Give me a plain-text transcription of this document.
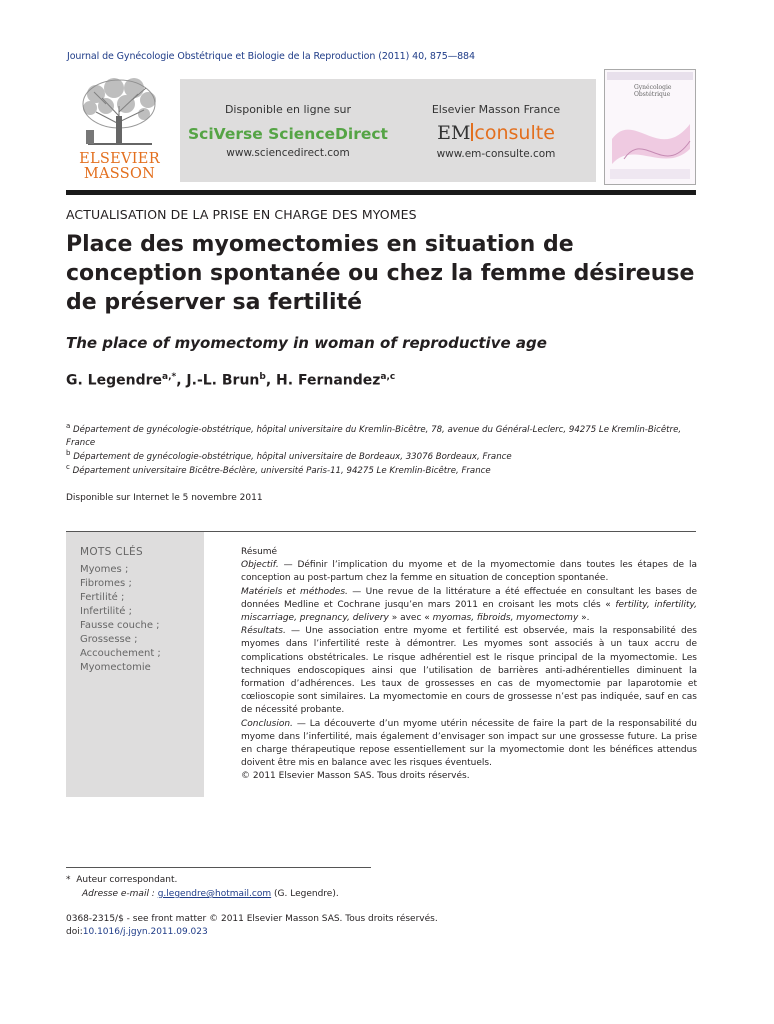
Journal de Gynécologie Obstétrique et Biologie de la Reproduction (2011) 40, 875—884
ELSEVIER
MASSON
Disponible en ligne sur
SciVerse ScienceDirect
www.sciencedirect.com
Elsevier Masson France
EM consulte
www.em-consulte.com
Gynécologie
Obstétrique
ACTUALISATION DE LA PRISE EN CHARGE DES MYOMES
Place des myomectomies en situation de conception spontanée ou chez la femme désireuse de préserver sa fertilité
The place of myomectomy in woman of reproductive age
G. Legendre$^{a,*}$, J.-L. Brun$^b$, H. Fernandez$^{a,c}$
$^a$ Département de gynécologie-obstétrique, hôpital universitaire du Kremlin-Bicêtre, 78, avenue du Général-Leclerc, 94275 Le Kremlin-Bicêtre, France
$^b$ Département de gynécologie-obstétrique, hôpital universitaire de Bordeaux, 33076 Bordeaux, France
$^c$ Département universitaire Bicêtre-Béclère, université Paris-11, 94275 Le Kremlin-Bicêtre, France
Disponible sur Internet le 5 novembre 2011
MOTS CLÉS
Myomes ;
Fibromes ;
Fertilité ;
Infertilité ;
Fausse couche ;
Grossesse ;
Accouchement ;
Myomectomie

Résumé

Objectif. — Définir l’implication du myome et de la myomectomie dans toutes les étapes de la conception au post-partum chez la femme en situation de conception spontanée.

Matériels et méthodes. — Une revue de la littérature a été effectuée en consultant les bases de données Medline et Cochrane jusqu’en mars 2011 en croisant les mots clés « fertility, infertility, miscarriage, pregnancy, delivery » avec « myomas, fibroids, myomectomy ».

Résultats. — Une association entre myome et fertilité est observée, mais la responsabilité des myomes dans l’infertilité reste à démontrer. Les myomes sont associés à un taux accru de complications obstétricales. Le risque adhérentiel est le risque principal de la myomectomie. Les techniques endoscopiques ainsi que l’utilisation de barrières anti-adhérentielles diminuent la formation d’adhérences. Les taux de grossesses en cas de myomectomie par laparotomie et cœlioscopie sont similaires. La myomectomie en cours de grossesse n’est pas indiquée, sauf en cas de nécessité probante.

Conclusion. — La découverte d’un myome utérin nécessite de faire la part de la responsabilité du myome dans l’infertilité, mais également d’envisager son impact sur une grossesse future. La prise en charge thérapeutique repose essentiellement sur la myomectomie dont les bénéfices attendus doivent être mis en balance avec les risques éventuels.

© 2011 Elsevier Masson SAS. Tous droits réservés.

* Auteur correspondant.
Adresse e-mail : g.legendre@hotmail.com (G. Legendre).
0368-2315/$ - see front matter © 2011 Elsevier Masson SAS. Tous droits réservés.
doi:10.1016/j.jgyn.2011.09.023
